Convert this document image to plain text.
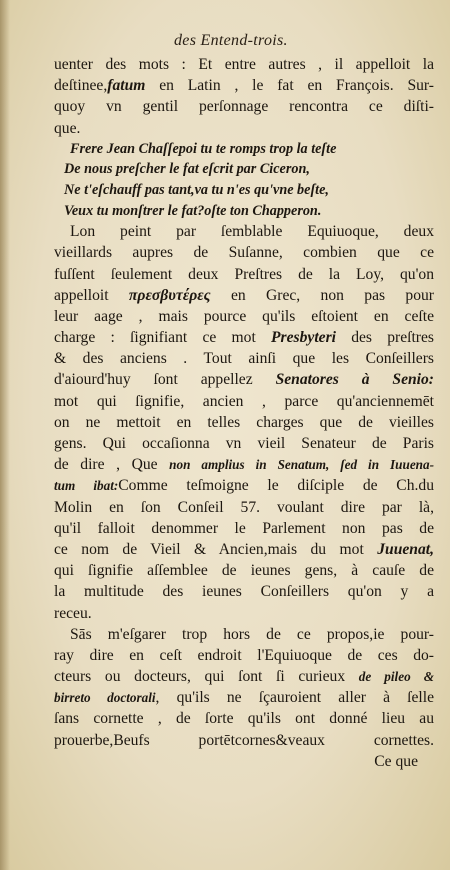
des Entend-trois.
uenter des mots : Et entre autres , il appelloit la
deſtinee,fatum en Latin , le fat en François. Sur-
quoy vn gentil perſonnage rencontra ce diſti-
que.
Frere Jean Chaſſepoi tu te romps trop la teſte
De nous preſcher le fat eſcrit par Ciceron,
Ne t'eſchauff pas tant,va tu n'es qu'vne beſte,
Veux tu monſtrer le fat?oſte ton Chapperon.
Lon peint par ſemblable Equiuoque, deux
vieillards aupres de Suſanne, combien que ce
fuſſent ſeulement deux Preſtres de la Loy, qu'on
appelloit πρεσβυτέρες en Grec, non pas pour
leur aage , mais pource qu'ils eſtoient en ceſte
charge : ſignifiant ce mot Presbyteri des preſtres
& des anciens . Tout ainſi que les Conſeillers
d'aiourd'huy ſont appellez Senatores à Senio:
mot qui ſignifie, ancien , parce qu'anciennemēt
on ne mettoit en telles charges que de vieilles
gens. Qui occaſionna vn vieil Senateur de Paris
de dire , Que non amplius in Senatum, ſed in Iuuena-
tum ibat:Comme teſmoigne le diſciple de Ch.du
Molin en ſon Conſeil 57. voulant dire par là,
qu'il falloit denommer le Parlement non pas de
ce nom de Vieil & Ancien,mais du mot Juuenat,
qui ſignifie aſſemblee de ieunes gens, à cauſe de
la multitude des ieunes Conſeillers qu'on y a
receu.
Sās m'eſgarer trop hors de ce propos,ie pour-
ray dire en ceſt endroit l'Equiuoque de ces do-
cteurs ou docteurs, qui ſont ſi curieux de pileo &
birreto doctorali, qu'ils ne ſçauroient aller à ſelle
ſans cornette , de ſorte qu'ils ont donné lieu au
prouerbe,Beufs portētcornes&veaux cornettes.
Ce que
